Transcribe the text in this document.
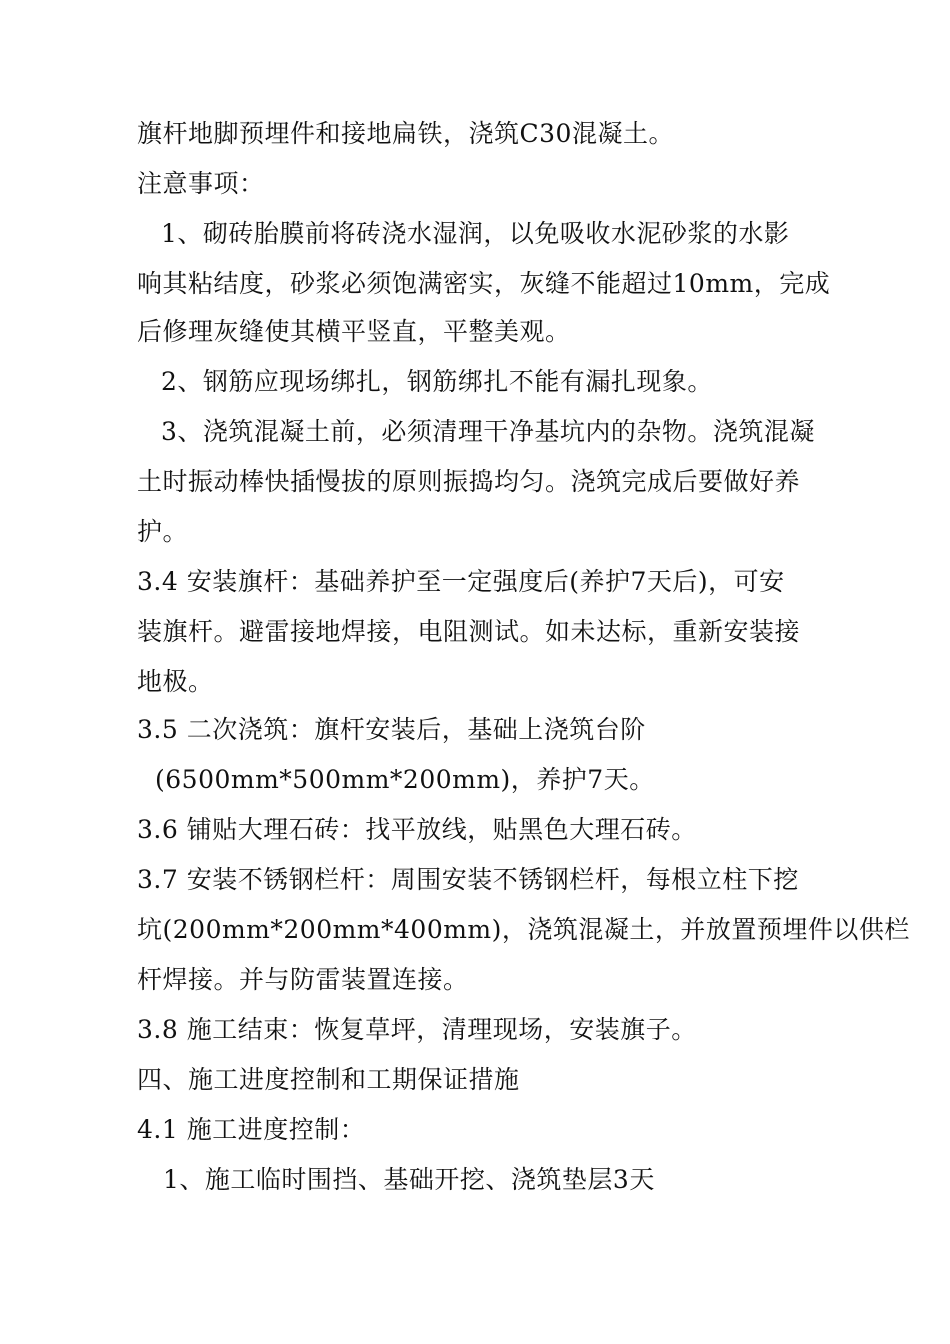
旗杆地脚预埋件和接地扁铁，浇筑C30混凝土。
注意事项：
1、砌砖胎膜前将砖浇水湿润，以免吸收水泥砂浆的水影
响其粘结度，砂浆必须饱满密实，灰缝不能超过10mm，完成
后修理灰缝使其横平竖直，平整美观。
2、钢筋应现场绑扎，钢筋绑扎不能有漏扎现象。
3、浇筑混凝土前，必须清理干净基坑内的杂物。浇筑混凝
土时振动棒快插慢拔的原则振捣均匀。浇筑完成后要做好养
护。
3.4 安装旗杆：基础养护至一定强度后(养护7天后)，可安
装旗杆。避雷接地焊接，电阻测试。如未达标，重新安装接
地极。
3.5 二次浇筑：旗杆安装后，基础上浇筑台阶
(6500mm*500mm*200mm)，养护7天。
3.6 铺贴大理石砖：找平放线，贴黑色大理石砖。
3.7 安装不锈钢栏杆：周围安装不锈钢栏杆，每根立柱下挖
坑(200mm*200mm*400mm)，浇筑混凝土，并放置预埋件以供栏
杆焊接。并与防雷装置连接。
3.8 施工结束：恢复草坪，清理现场，安装旗子。
四、施工进度控制和工期保证措施
4.1 施工进度控制：
1、施工临时围挡、基础开挖、浇筑垫层3天
